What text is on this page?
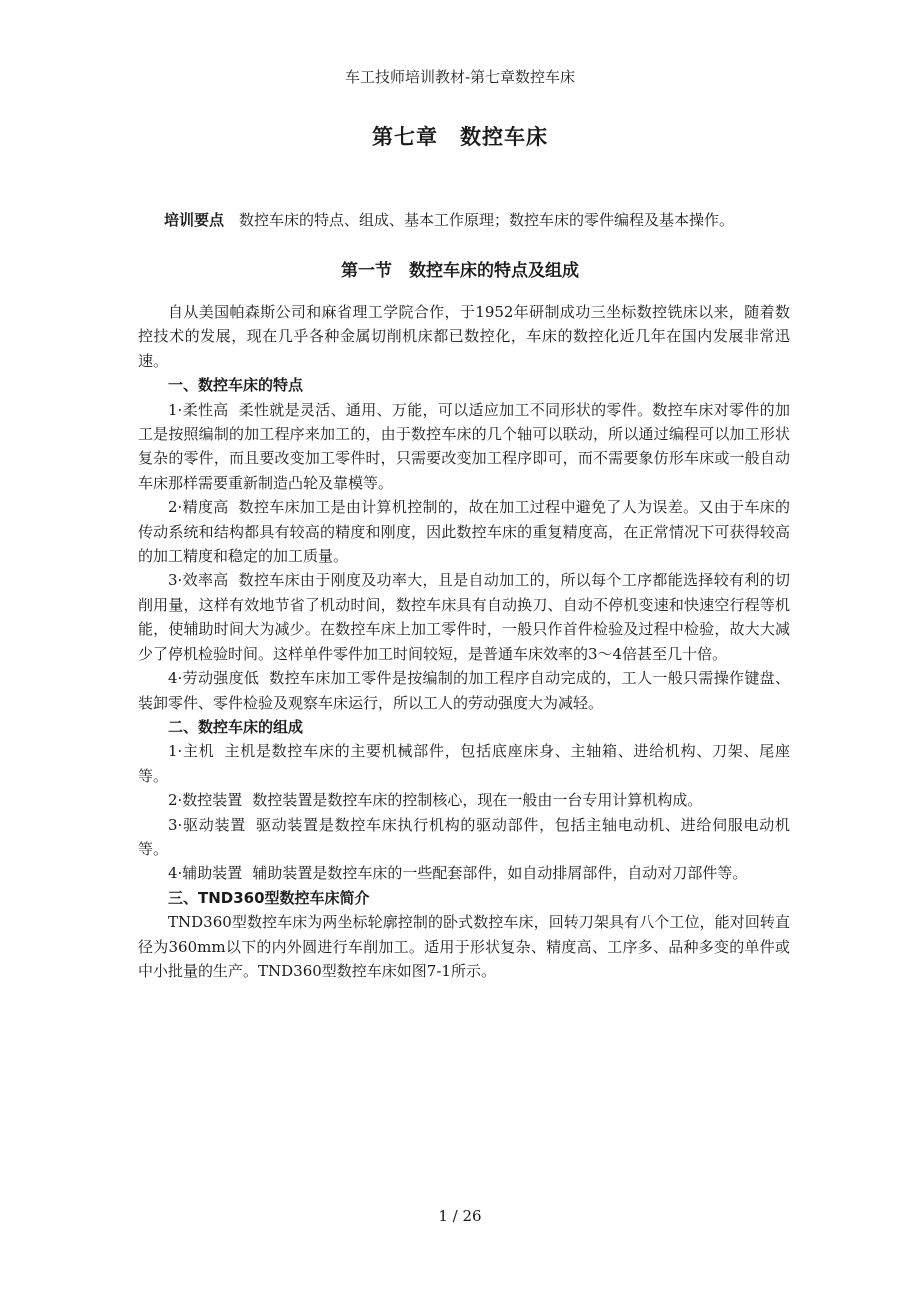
车工技师培训教材-第七章数控车床
第七章　数控车床
培训要点　 数控车床的特点、组成、基本工作原理；数控车床的零件编程及基本操作。
第一节　数控车床的特点及组成

自从美国帕森斯公司和麻省理工学院合作，于1952年研制成功三坐标数控铣床以来，随着数控技术的发展，现在几乎各种金属切削机床都已数控化，车床的数控化近几年在国内发展非常迅速。

一、数控车床的特点

1·柔性高 柔性就是灵活、通用、万能，可以适应加工不同形状的零件。数控车床对零件的加工是按照编制的加工程序来加工的，由于数控车床的几个轴可以联动，所以通过编程可以加工形状复杂的零件，而且要改变加工零件时，只需要改变加工程序即可，而不需要象仿形车床或一般自动车床那样需要重新制造凸轮及靠模等。

2·精度高 数控车床加工是由计算机控制的，故在加工过程中避免了人为误差。又由于车床的传动系统和结构都具有较高的精度和刚度，因此数控车床的重复精度高，在正常情况下可获得较高的加工精度和稳定的加工质量。

3·效率高 数控车床由于刚度及功率大，且是自动加工的，所以每个工序都能选择较有利的切削用量，这样有效地节省了机动时间，数控车床具有自动换刀、自动不停机变速和快速空行程等机能，使辅助时间大为减少。在数控车床上加工零件时，一般只作首件检验及过程中检验，故大大减少了停机检验时间。这样单件零件加工时间较短，是普通车床效率的3～4倍甚至几十倍。

4·劳动强度低 数控车床加工零件是按编制的加工程序自动完成的，工人一般只需操作键盘、装卸零件、零件检验及观察车床运行，所以工人的劳动强度大为减轻。

二、数控车床的组成

1·主机 主机是数控车床的主要机械部件，包括底座床身、主轴箱、进给机构、刀架、尾座等。

2·数控装置 数控装置是数控车床的控制核心，现在一般由一台专用计算机构成。

3·驱动装置 驱动装置是数控车床执行机构的驱动部件，包括主轴电动机、进给伺服电动机等。

4·辅助装置 辅助装置是数控车床的一些配套部件，如自动排屑部件，自动对刀部件等。

三、TND360型数控车床简介

TND360型数控车床为两坐标轮廓控制的卧式数控车床，回转刀架具有八个工位，能对回转直径为360mm以下的内外圆进行车削加工。适用于形状复杂、精度高、工序多、品种多变的单件或中小批量的生产。TND360型数控车床如图7-1所示。

1 / 26
